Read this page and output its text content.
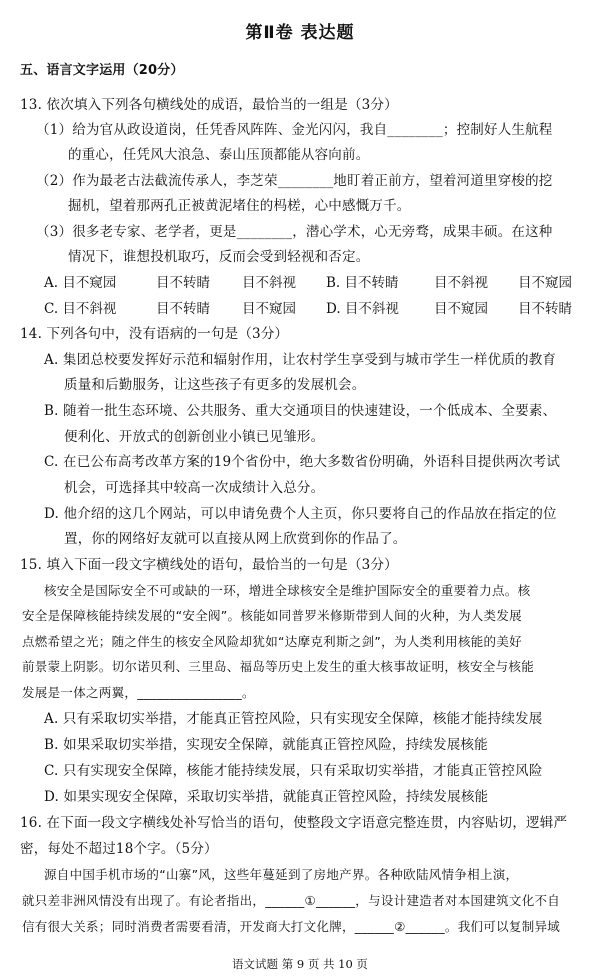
第Ⅱ卷 表达题
五、语言文字运用（20分）
13. 依次填入下列各句横线处的成语，最恰当的一组是（3分）
（1）给为官从政设道岗，任凭香风阵阵、金光闪闪，我自________；控制好人生航程
的重心，任凭风大浪急、泰山压顶都能从容向前。
（2）作为最老古法截流传承人，李芝荣________地盯着正前方，望着河道里穿梭的挖
掘机，望着那两孔正被黄泥堵住的杩槎，心中感慨万千。
（3）很多老专家、老学者，更是________，潜心学术，心无旁骛，成果丰硕。在这种
情况下，谁想投机取巧，反而会受到轻视和否定。
A. 目不窥园	目不转睛 目不斜视 B. 目不转睛	目不斜视 目不窥园
C. 目不斜视	目不转睛 目不窥园 D. 目不斜视	目不窥园 目不转睛
14. 下列各句中，没有语病的一句是（3分）
A. 集团总校要发挥好示范和辐射作用，让农村学生享受到与城市学生一样优质的教育
质量和后勤服务，让这些孩子有更多的发展机会。
B. 随着一批生态环境、公共服务、重大交通项目的快速建设，一个低成本、全要素、
便利化、开放式的创新创业小镇已见雏形。
C. 在已公布高考改革方案的19个省份中，绝大多数省份明确，外语科目提供两次考试
机会，可选择其中较高一次成绩计入总分。
D. 他介绍的这几个网站，可以申请免费个人主页，你只要将自己的作品放在指定的位
置，你的网络好友就可以直接从网上欣赏到你的作品了。
15. 填入下面一段文字横线处的语句，最恰当的一句是（3分）
核安全是国际安全不可或缺的一环，增进全球核安全是维护国际安全的重要着力点。核
安全是保障核能持续发展的“安全阀”。核能如同普罗米修斯带到人间的火种，为人类发展
点燃希望之光；随之伴生的核安全风险却犹如“达摩克利斯之剑”，为人类利用核能的美好
前景蒙上阴影。切尔诺贝利、三里岛、福岛等历史上发生的重大核事故证明，核安全与核能
发展是一体之两翼，________________。
A. 只有采取切实举措，才能真正管控风险，只有实现安全保障，核能才能持续发展
B. 如果采取切实举措，实现安全保障，就能真正管控风险，持续发展核能
C. 只有实现安全保障，核能才能持续发展，只有采取切实举措，才能真正管控风险
D. 如果实现安全保障，采取切实举措，就能真正管控风险，持续发展核能
16. 在下面一段文字横线处补写恰当的语句，使整段文字语意完整连贯，内容贴切，逻辑严
密，每处不超过18个字。（5分）
源自中国手机市场的“山寨”风，这些年蔓延到了房地产界。各种欧陆风情争相上演，
就只差非洲风情没有出现了。有论者指出，______①______，与设计建造者对本国建筑文化不自
信有很大关系；同时消费者需要看清，开发商大打文化牌，______②______。我们可以复制异域
语文试题 第 9 页 共 10 页
